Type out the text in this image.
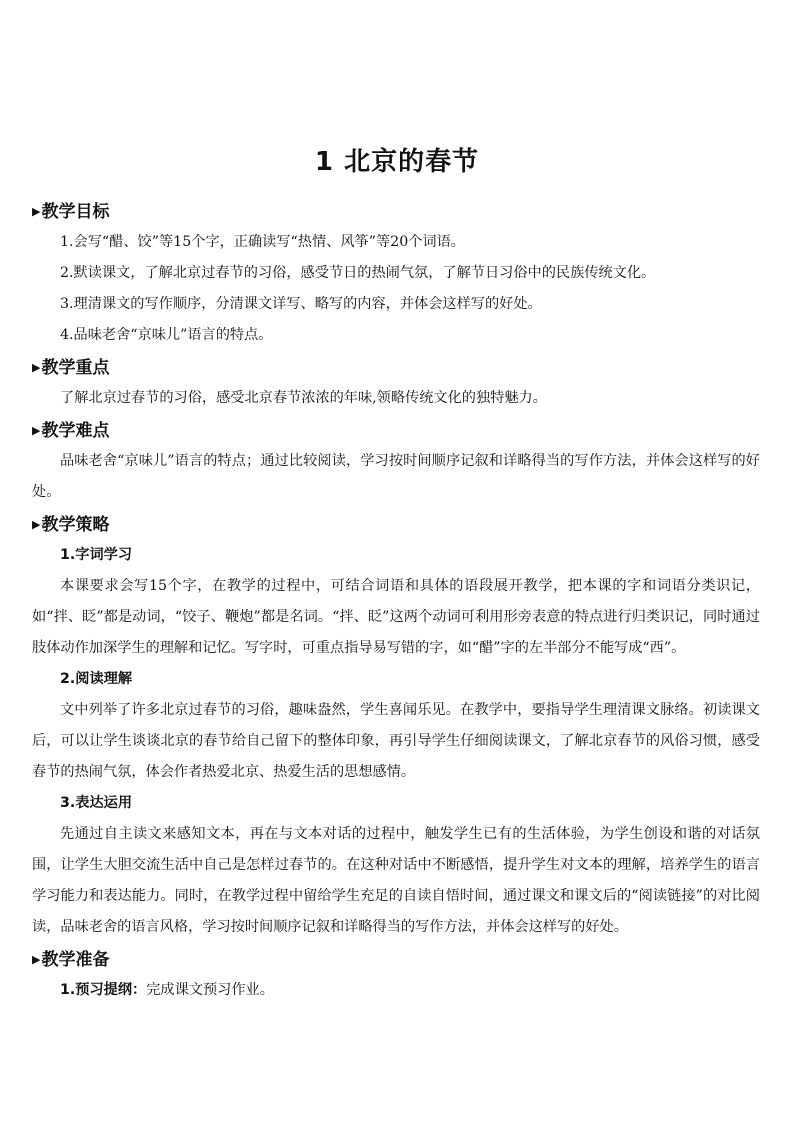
1 北京的春节
▶教学目标
1.会写“醋、饺”等15个字，正确读写“热情、风筝”等20个词语。
2.默读课文，了解北京过春节的习俗，感受节日的热闹气氛，了解节日习俗中的民族传统文化。
3.理清课文的写作顺序，分清课文详写、略写的内容，并体会这样写的好处。
4.品味老舍“京味儿”语言的特点。
▶教学重点
了解北京过春节的习俗，感受北京春节浓浓的年味,领略传统文化的独特魅力。
▶教学难点
品味老舍“京味儿”语言的特点；通过比较阅读，学习按时间顺序记叙和详略得当的写作方法，并体会这样写的好处。
▶教学策略
1.字词学习
本课要求会写15个字，在教学的过程中，可结合词语和具体的语段展开教学，把本课的字和词语分类识记，如“拌、眨”都是动词，“饺子、鞭炮”都是名词。“拌、眨”这两个动词可利用形旁表意的特点进行归类识记，同时通过肢体动作加深学生的理解和记忆。写字时，可重点指导易写错的字，如“醋”字的左半部分不能写成“西”。
2.阅读理解
文中列举了许多北京过春节的习俗，趣味盎然，学生喜闻乐见。在教学中，要指导学生理清课文脉络。初读课文后，可以让学生谈谈北京的春节给自己留下的整体印象，再引导学生仔细阅读课文，了解北京春节的风俗习惯，感受春节的热闹气氛，体会作者热爱北京、热爱生活的思想感情。
3.表达运用
先通过自主读文来感知文本，再在与文本对话的过程中，触发学生已有的生活体验，为学生创设和谐的对话氛围，让学生大胆交流生活中自己是怎样过春节的。在这种对话中不断感悟，提升学生对文本的理解，培养学生的语言学习能力和表达能力。同时，在教学过程中留给学生充足的自读自悟时间，通过课文和课文后的“阅读链接”的对比阅读，品味老舍的语言风格，学习按时间顺序记叙和详略得当的写作方法，并体会这样写的好处。
▶教学准备
1.预习提纲：完成课文预习作业。
